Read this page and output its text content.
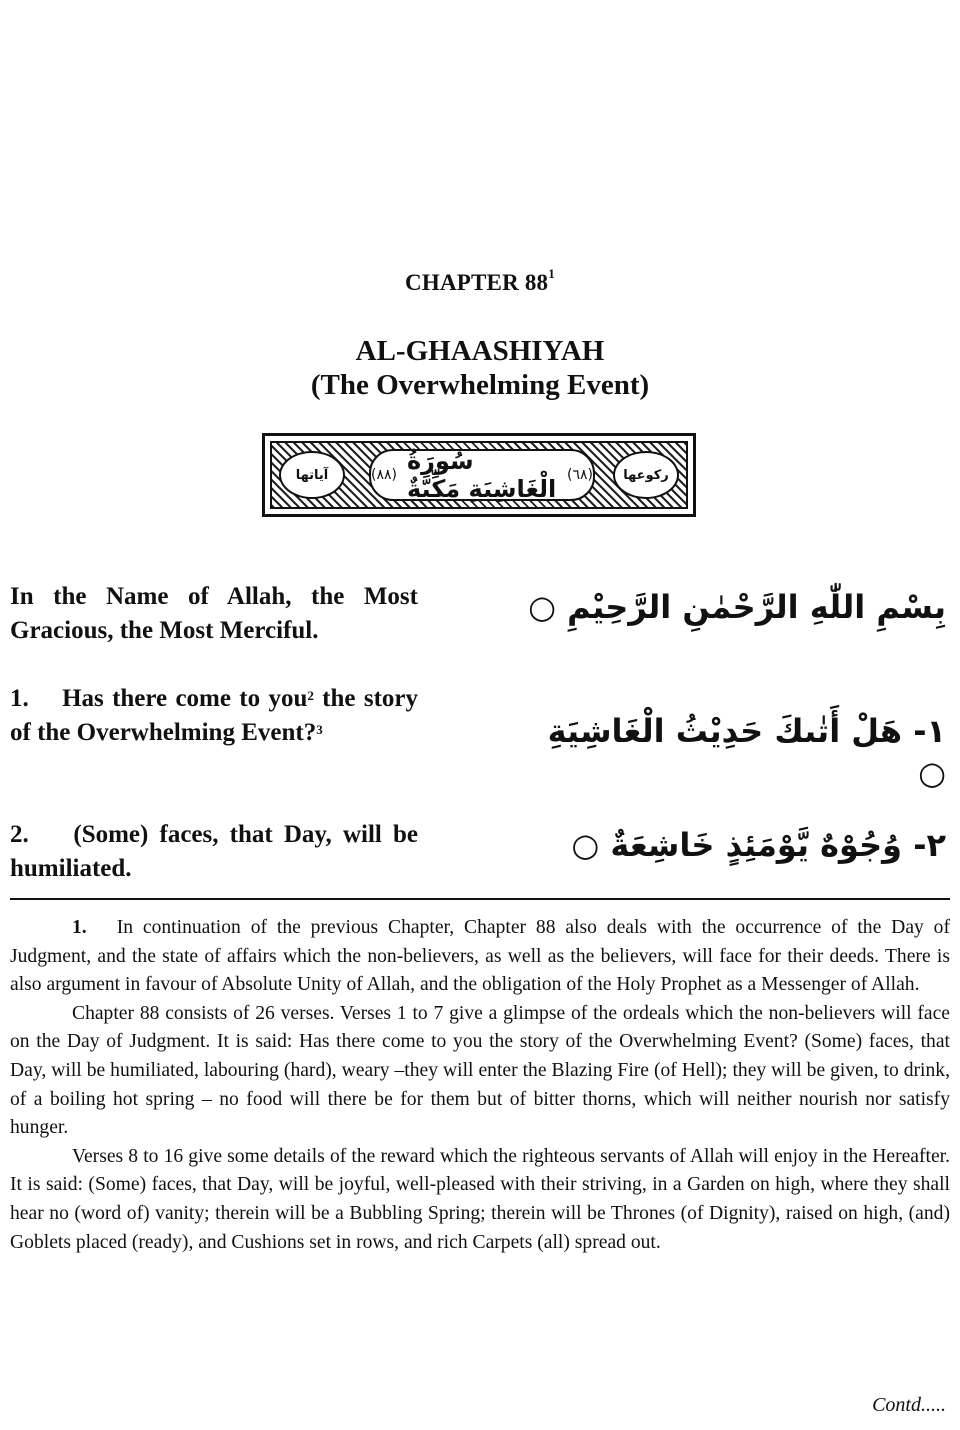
CHAPTER $88^1$
AL-GHAASHIYAH
(The Overwhelming Event)
آياتها	(٨٨) سُورَةُ الْغَاشِيَةِ مَكِّيَّةٌ (٦٨)	ركوعها
In the Name of Allah, the Most Gracious, the Most Merciful.
بِسْمِ اللّٰهِ الرَّحْمٰنِ الرَّحِيْمِ ○
1. Has there come to you$^2$ the story of the Overwhelming Event?$^3$	١- هَلْ أَتٰىكَ حَدِيْثُ الْغَاشِيَةِ ○
2. (Some) faces, that Day, will be humiliated.
٢- وُجُوْهٌ يَّوْمَئِذٍ خَاشِعَةٌ ○

1. In continuation of the previous Chapter, Chapter 88 also deals with the occurrence of the Day of Judgment, and the state of affairs which the non-believers, as well as the believers, will face for their deeds. There is also argument in favour of Absolute Unity of Allah, and the obligation of the Holy Prophet as a Messenger of Allah.

Chapter 88 consists of 26 verses. Verses 1 to 7 give a glimpse of the ordeals which the non-believers will face on the Day of Judgment. It is said: Has there come to you the story of the Overwhelming Event? (Some) faces, that Day, will be humiliated, labouring (hard), weary –they will enter the Blazing Fire (of Hell); they will be given, to drink, of a boiling hot spring – no food will there be for them but of bitter thorns, which will neither nourish nor satisfy hunger.

Verses 8 to 16 give some details of the reward which the righteous servants of Allah will enjoy in the Hereafter. It is said: (Some) faces, that Day, will be joyful, well-pleased with their striving, in a Garden on high, where they shall hear no (word of) vanity; therein will be a Bubbling Spring; therein will be Thrones (of Dignity), raised on high, (and) Goblets placed (ready), and Cushions set in rows, and rich Carpets (all) spread out.

Contd.....
